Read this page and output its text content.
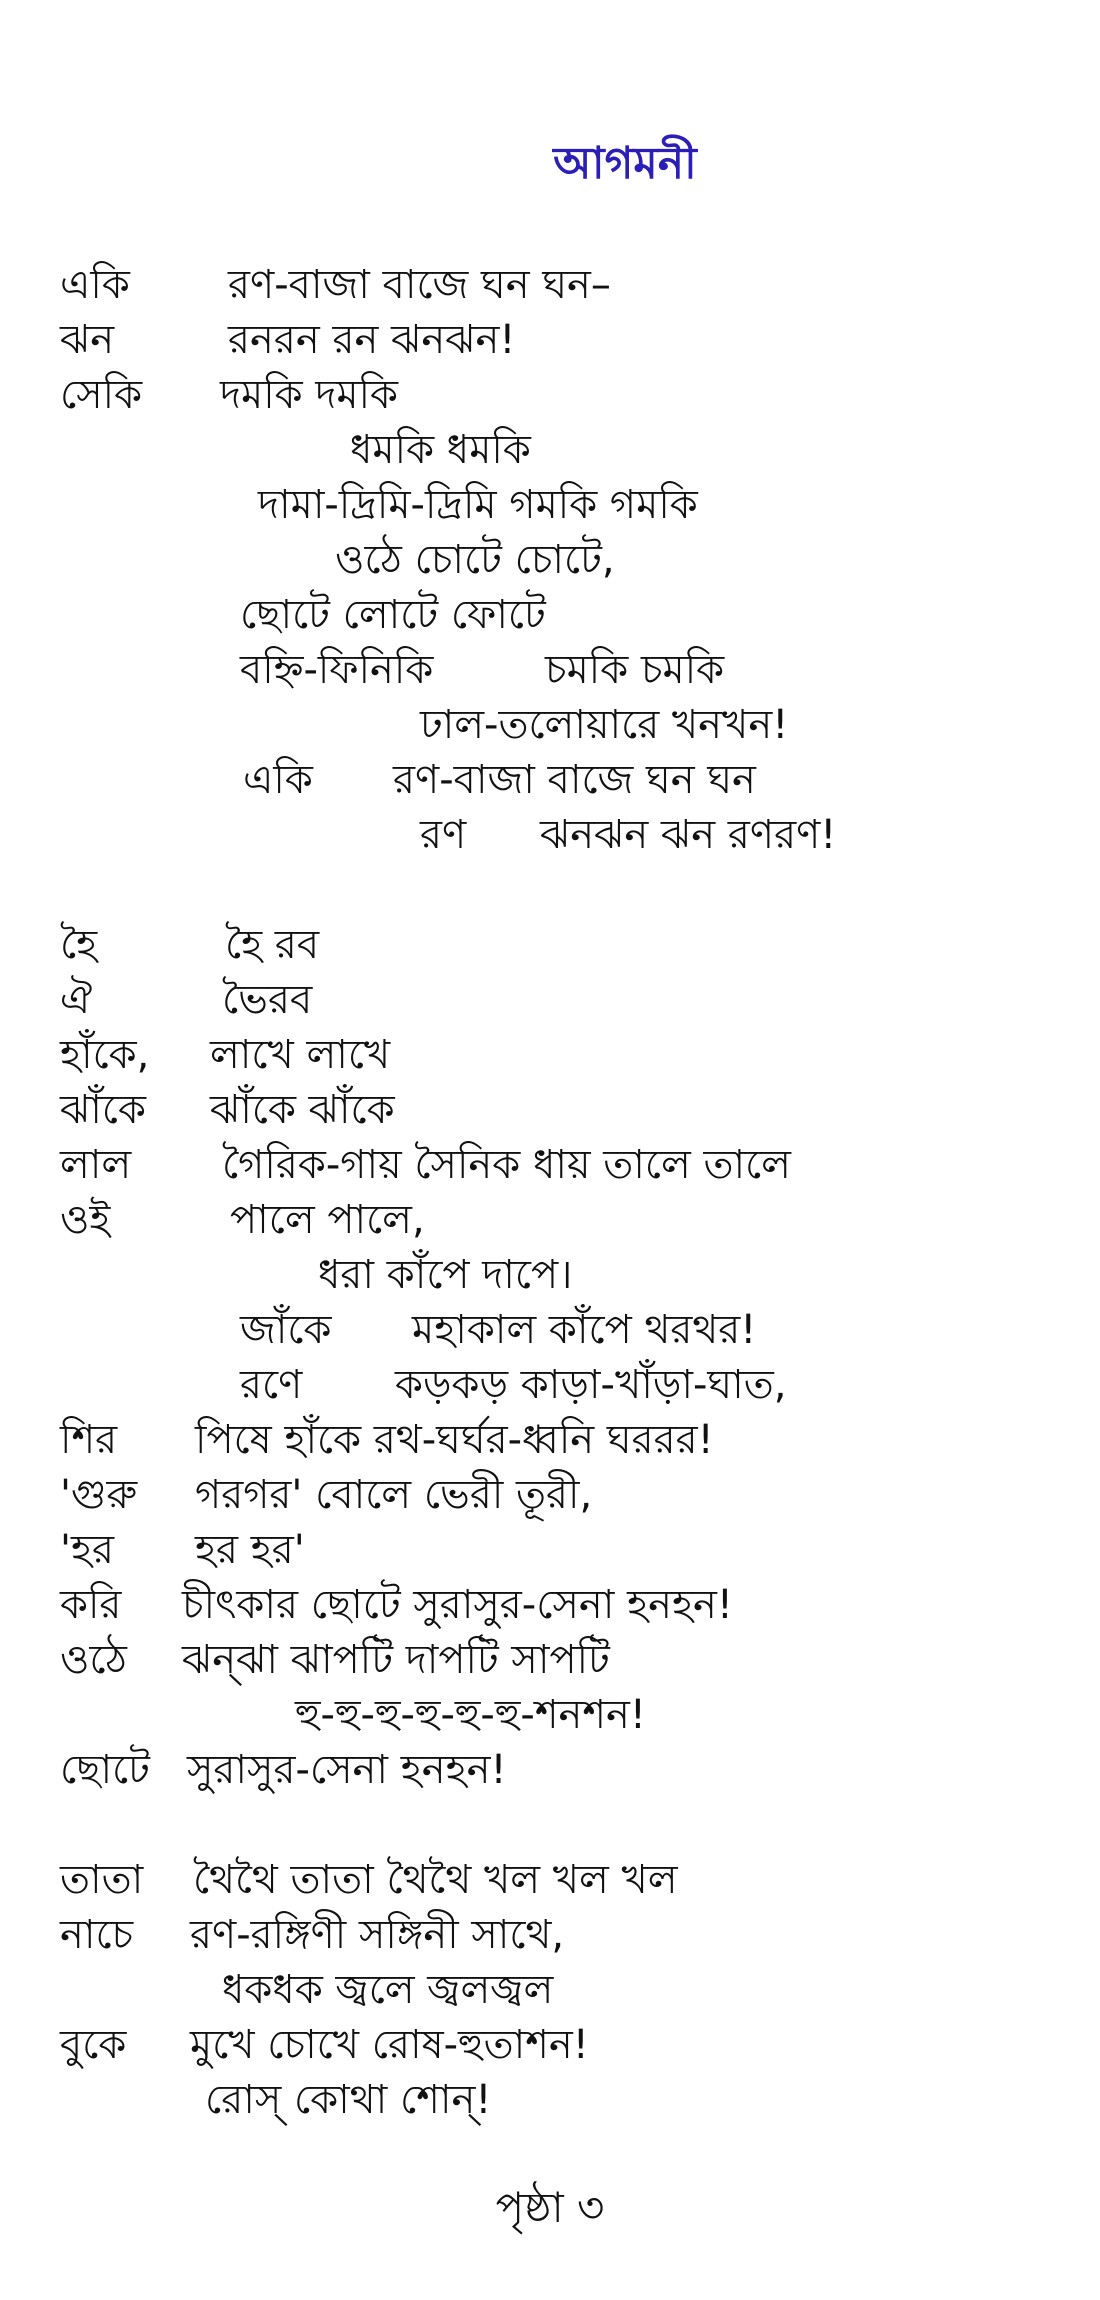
আগমনী
একি রণ-বাজা বাজে ঘন ঘন–
ঝন	রনরন রন ঝনঝন!
সেকি দমকি দমকি
ধমকি ধমকি
দামা-দ্রিমি-দ্রিমি গমকি গমকি
ওঠে চোটে চোটে,
ছোটে লোটে ফোটে
বহ্নি-ফিনিকি	চমকি চমকি
ঢাল-তলোয়ারে খনখন!
একি রণ-বাজা বাজে ঘন ঘন
রণ ঝনঝন ঝন রণরণ!
হৈ	হৈ রব
ঐ	ভৈরব
হাঁকে, লাখে লাখে
ঝাঁকে ঝাঁকে ঝাঁকে
লাল গৈরিক-গায় সৈনিক ধায় তালে তালে
ওই	পালে পালে,
ধরা কাঁপে দাপে।
জাঁকে মহাকাল কাঁপে থরথর!
রণে কড়কড় কাড়া-খাঁড়া-ঘাত,
শির পিষে হাঁকে রথ-ঘর্ঘর-ধ্বনি ঘররর!
'গুরু গরগর' বোলে ভেরী তূরী,
'হর হর হর'
করি চীৎকার ছোটে সুরাসুর-সেনা হনহন!
ওঠে ঝন্ঝা ঝাপটি দাপটি সাপটি
হু-হু-হু-হু-হু-হু-শনশন!
ছোটে সুরাসুর-সেনা হনহন!
তাতা থৈথৈ তাতা থৈথৈ খল খল খল
নাচে রণ-রঙ্গিণী সঙ্গিনী সাথে,
ধকধক জ্বলে জ্বলজ্বল
বুকে মুখে চোখে রোষ-হুতাশন!
রোস্ কোথা শোন্!
পৃষ্ঠা ৩
